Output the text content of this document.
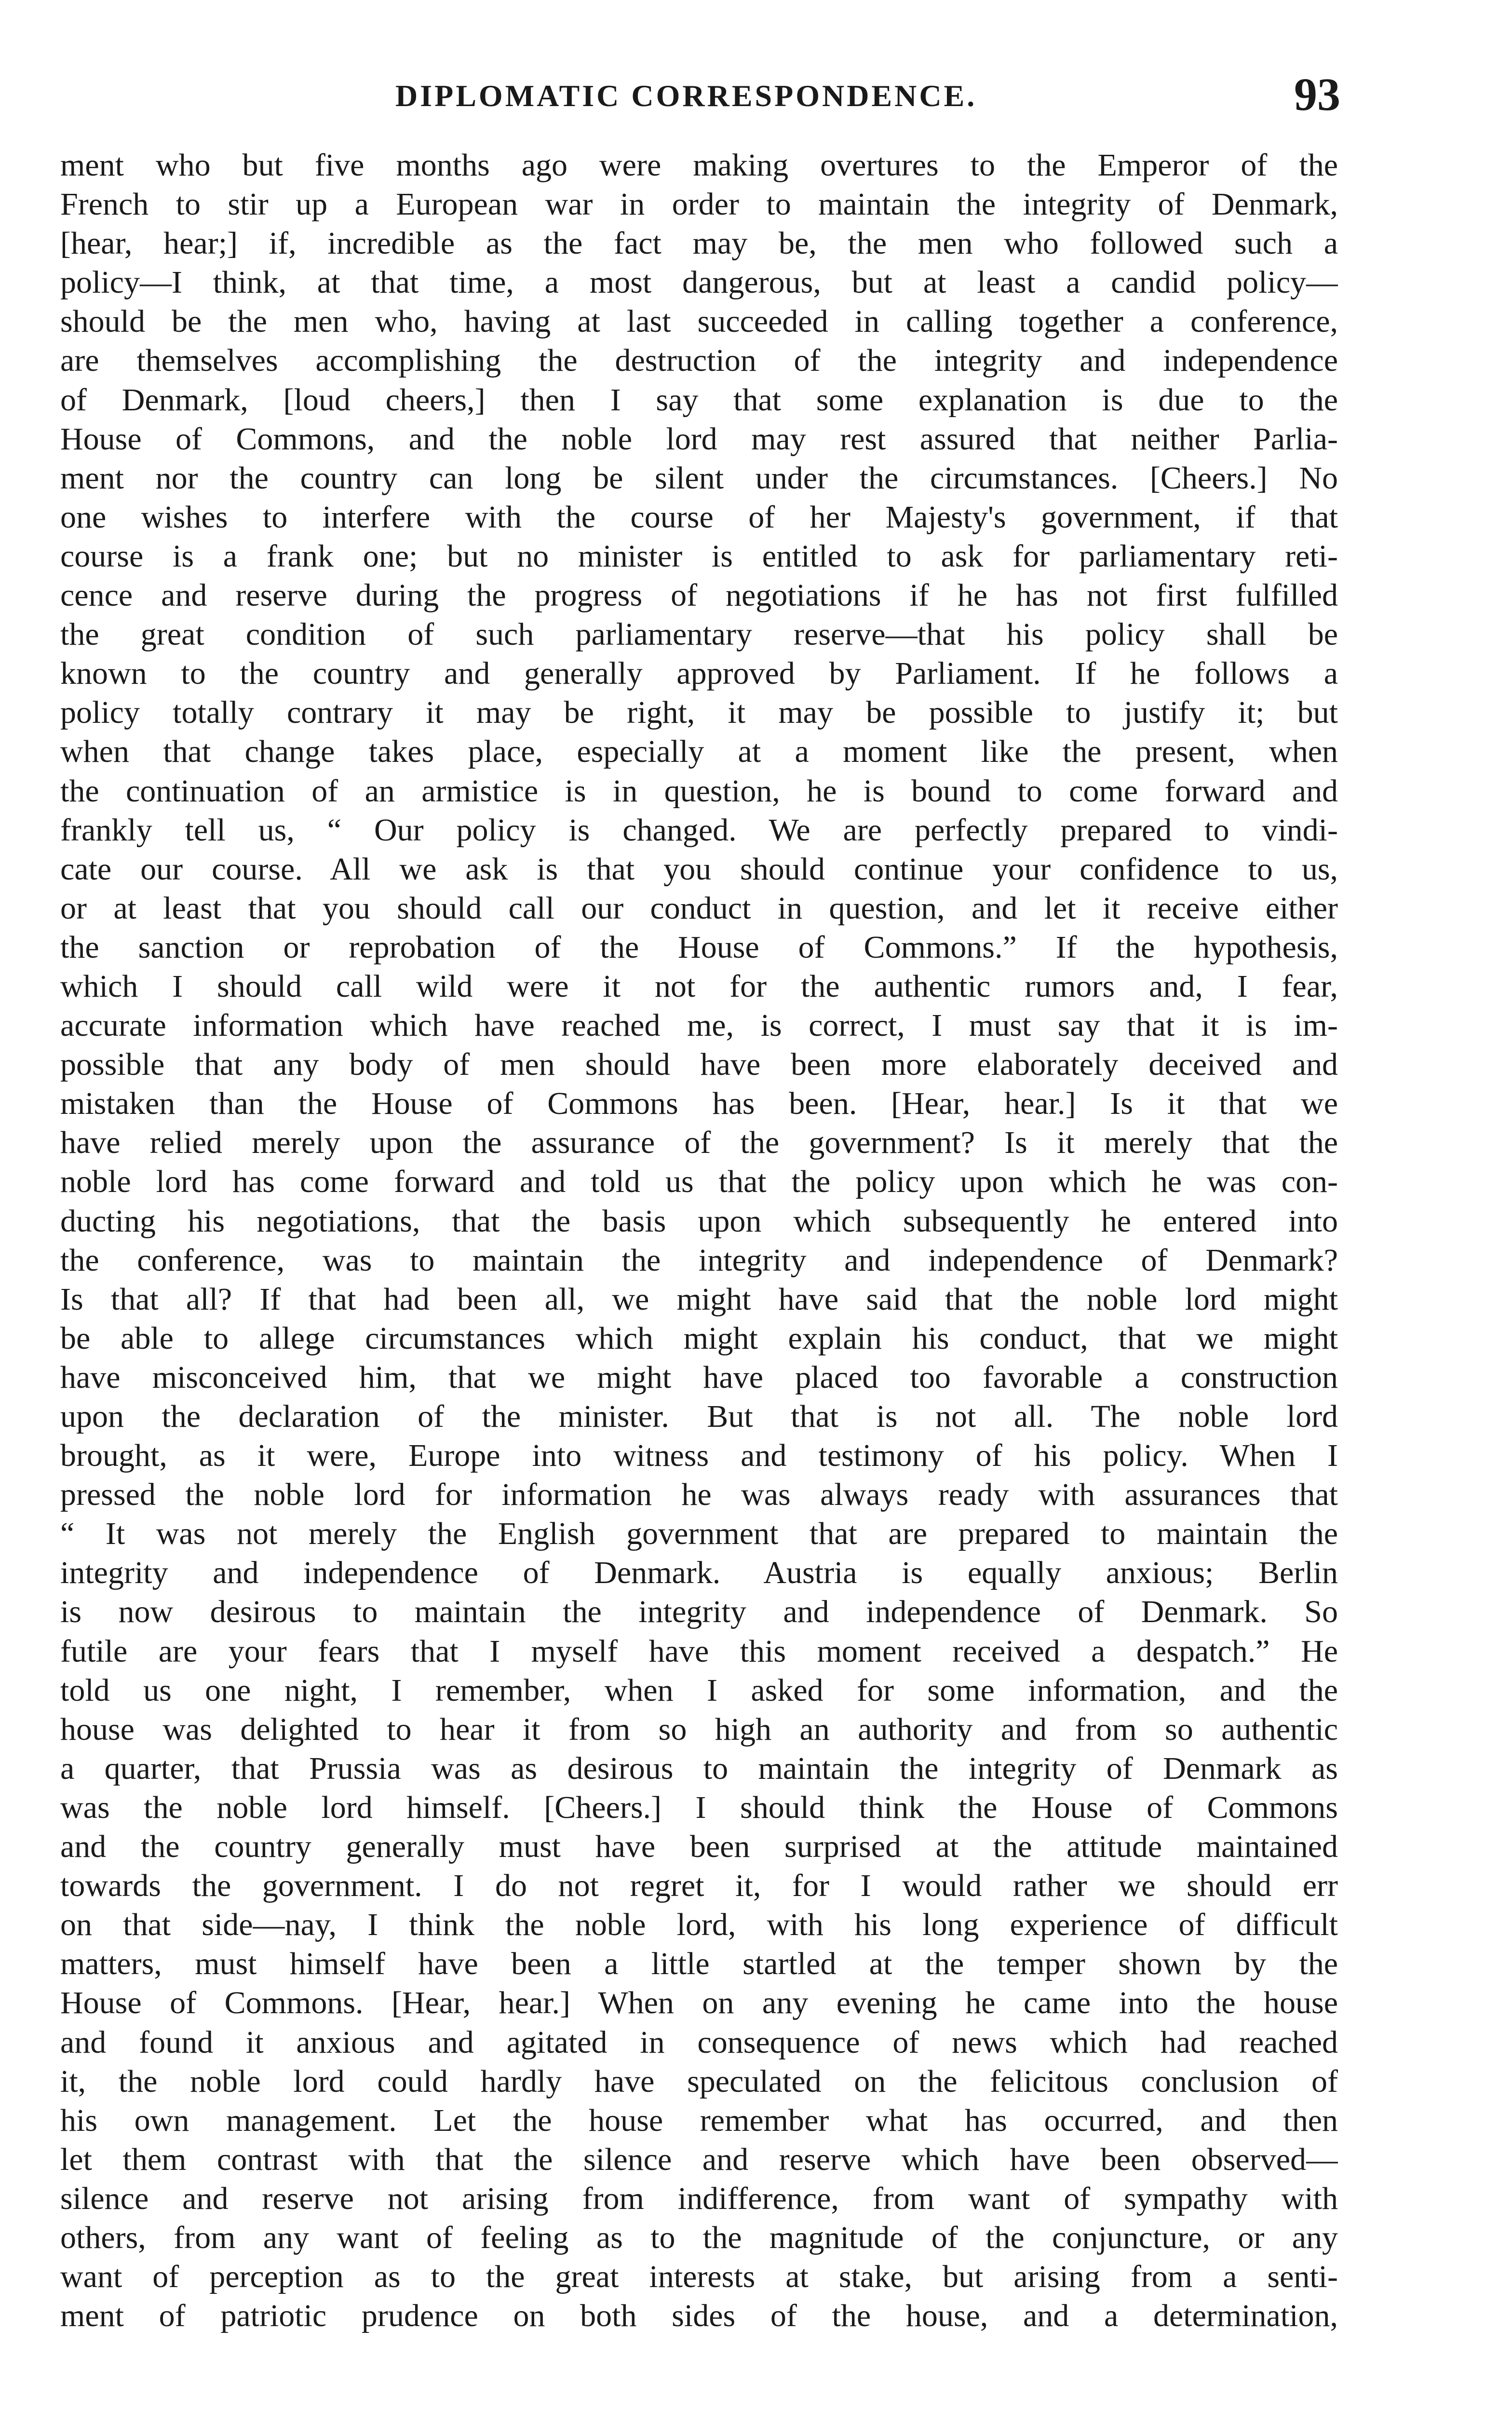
DIPLOMATIC CORRESPONDENCE.	93
ment who but five months ago were making overtures to the Emperor of the
French to stir up a European war in order to maintain the integrity of Denmark,
[hear, hear;] if, incredible as the fact may be, the men who followed such a
policy—I think, at that time, a most dangerous, but at least a candid policy—
should be the men who, having at last succeeded in calling together a conference,
are themselves accomplishing the destruction of the integrity and independence
of Denmark, [loud cheers,] then I say that some explanation is due to the
House of Commons, and the noble lord may rest assured that neither Parlia-
ment nor the country can long be silent under the circumstances. [Cheers.] No
one wishes to interfere with the course of her Majesty's government, if that
course is a frank one; but no minister is entitled to ask for parliamentary reti-
cence and reserve during the progress of negotiations if he has not first fulfilled
the great condition of such parliamentary reserve—that his policy shall be
known to the country and generally approved by Parliament. If he follows a
policy totally contrary it may be right, it may be possible to justify it; but
when that change takes place, especially at a moment like the present, when
the continuation of an armistice is in question, he is bound to come forward and
frankly tell us, “ Our policy is changed. We are perfectly prepared to vindi-
cate our course. All we ask is that you should continue your confidence to us,
or at least that you should call our conduct in question, and let it receive either
the sanction or reprobation of the House of Commons.” If the hypothesis,
which I should call wild were it not for the authentic rumors and, I fear,
accurate information which have reached me, is correct, I must say that it is im-
possible that any body of men should have been more elaborately deceived and
mistaken than the House of Commons has been. [Hear, hear.] Is it that we
have relied merely upon the assurance of the government? Is it merely that the
noble lord has come forward and told us that the policy upon which he was con-
ducting his negotiations, that the basis upon which subsequently he entered into
the conference, was to maintain the integrity and independence of Denmark?
Is that all? If that had been all, we might have said that the noble lord might
be able to allege circumstances which might explain his conduct, that we might
have misconceived him, that we might have placed too favorable a construction
upon the declaration of the minister. But that is not all. The noble lord
brought, as it were, Europe into witness and testimony of his policy. When I
pressed the noble lord for information he was always ready with assurances that
“ It was not merely the English government that are prepared to maintain the
integrity and independence of Denmark. Austria is equally anxious; Berlin
is now desirous to maintain the integrity and independence of Denmark. So
futile are your fears that I myself have this moment received a despatch.” He
told us one night, I remember, when I asked for some information, and the
house was delighted to hear it from so high an authority and from so authentic
a quarter, that Prussia was as desirous to maintain the integrity of Denmark as
was the noble lord himself. [Cheers.] I should think the House of Commons
and the country generally must have been surprised at the attitude maintained
towards the government. I do not regret it, for I would rather we should err
on that side—nay, I think the noble lord, with his long experience of difficult
matters, must himself have been a little startled at the temper shown by the
House of Commons. [Hear, hear.] When on any evening he came into the house
and found it anxious and agitated in consequence of news which had reached
it, the noble lord could hardly have speculated on the felicitous conclusion of
his own management. Let the house remember what has occurred, and then
let them contrast with that the silence and reserve which have been observed—
silence and reserve not arising from indifference, from want of sympathy with
others, from any want of feeling as to the magnitude of the conjuncture, or any
want of perception as to the great interests at stake, but arising from a senti-
ment of patriotic prudence on both sides of the house, and a determination,
